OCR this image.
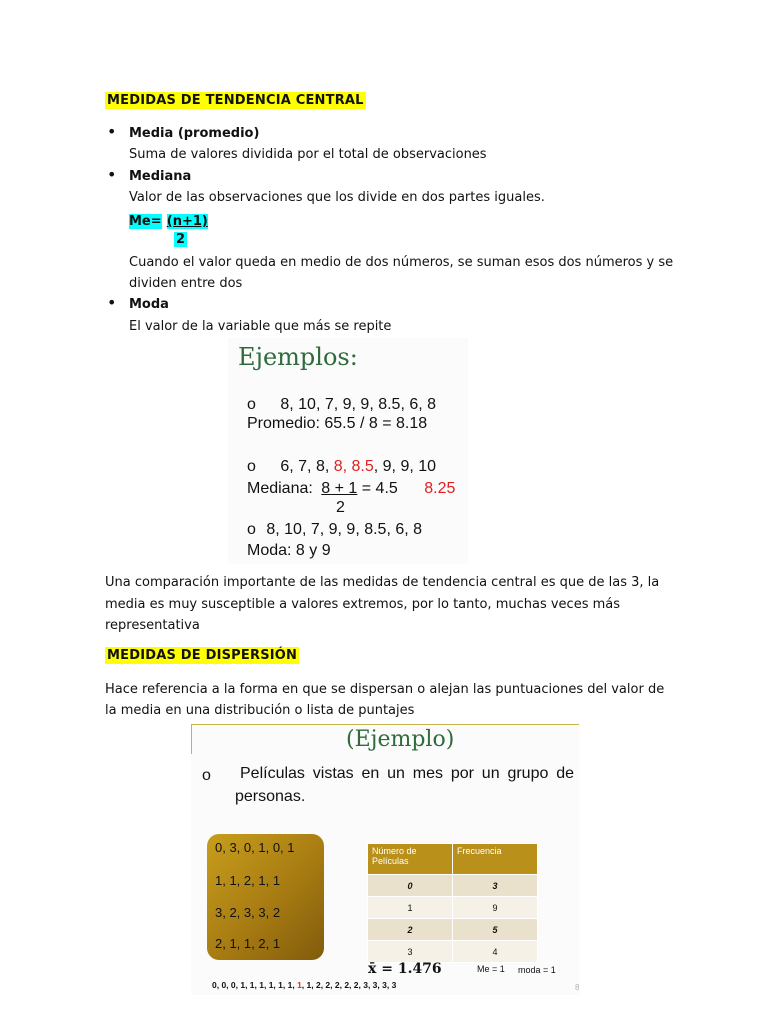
MEDIDAS DE TENDENCIA CENTRAL
• Media (promedio)
Suma de valores dividida por el total de observaciones
• Mediana
Valor de las observaciones que los divide en dos partes iguales.
Me= (n+1)
2
Cuando el valor queda en medio de dos números, se suman esos dos números y se
dividen entre dos
• Moda
El valor de la variable que más se repite
Ejemplos:
o 8, 10, 7, 9, 9, 8.5, 6, 8
Promedio: 65.5 / 8 = 8.18
o 6, 7, 8, 8, 8.5, 9, 9, 10
Mediana: 8 + 1 = 4.5 8.25
2
o 8, 10, 7, 9, 9, 8.5, 6, 8
Moda: 8 y 9
Una comparación importante de las medidas de tendencia central es que de las 3, la
media es muy susceptible a valores extremos, por lo tanto, muchas veces más
representativa
MEDIDAS DE DISPERSIÓN
Hace referencia a la forma en que se dispersan o alejan las puntuaciones del valor de
la media en una distribución o lista de puntajes
(Ejemplo)
o Películas vistas en un mes por un grupo de
personas.
0, 3, 0, 1, 0, 1
1, 1, 2, 1, 1
3, 2, 3, 3, 2
2, 1, 1, 2, 1
Número de Películas	Frecuencia
0	3
1	9
2	5
3	4
x̄ = 1.476	Me = 1 moda = 1
0, 0, 0, 1, 1, 1, 1, 1, 1, 1, 1, 2, 2, 2, 2, 2, 3, 3, 3, 3	8
